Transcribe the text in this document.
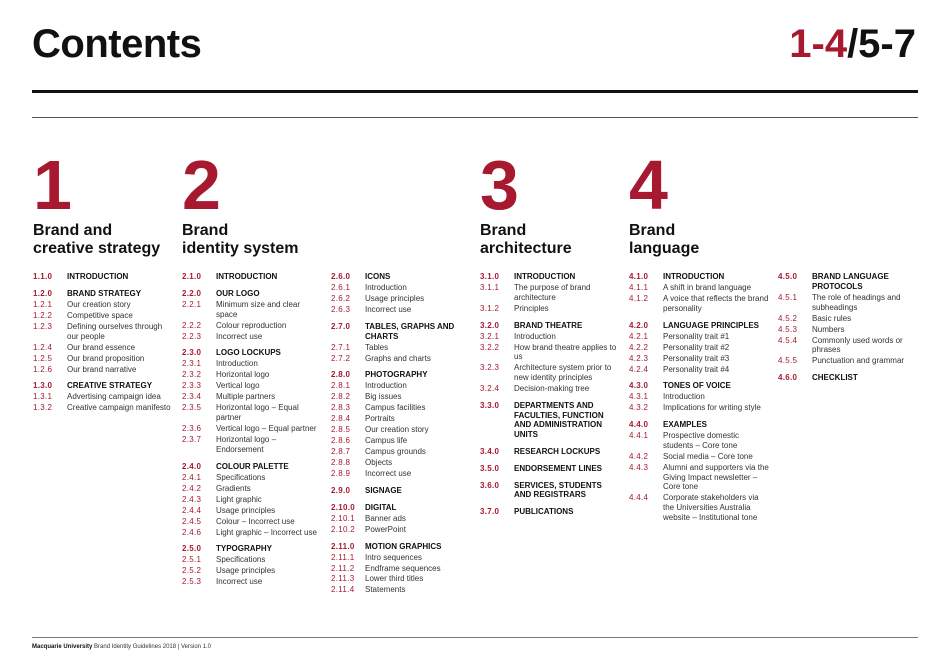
Contents	1-4/5-7
1
Brand and
creative strategy
1.1.0	INTRODUCTION
1.2.0	BRAND STRATEGY
1.2.1	Our creation story
1.2.2	Competitive space
1.2.3	Defining ourselves through our people
1.2.4	Our brand essence
1.2.5	Our brand proposition
1.2.6	Our brand narrative
1.3.0	CREATIVE STRATEGY
1.3.1	Advertising campaign idea
1.3.2	Creative campaign manifesto
2
Brand
identity system
2.1.0	INTRODUCTION
2.2.0	OUR LOGO
2.2.1	Minimum size and clear space
2.2.2	Colour reproduction
2.2.3	Incorrect use
2.3.0	LOGO LOCKUPS
2.3.1	Introduction
2.3.2	Horizontal logo
2.3.3	Vertical logo
2.3.4	Multiple partners
2.3.5	Horizontal logo – Equal partner
2.3.6	Vertical logo – Equal partner
2.3.7	Horizontal logo – Endorsement
2.4.0	COLOUR PALETTE
2.4.1	Specifications
2.4.2	Gradients
2.4.3	Light graphic
2.4.4	Usage principles
2.4.5	Colour – Incorrect use
2.4.6	Light graphic – Incorrect use
2.5.0	TYPOGRAPHY
2.5.1	Specifications
2.5.2	Usage principles
2.5.3	Incorrect use
2.6.0	ICONS
2.6.1	Introduction
2.6.2	Usage principles
2.6.3	Incorrect use
2.7.0	TABLES, GRAPHS AND CHARTS
2.7.1	Tables
2.7.2	Graphs and charts
2.8.0	PHOTOGRAPHY
2.8.1	Introduction
2.8.2	Big issues
2.8.3	Campus facilities
2.8.4	Portraits
2.8.5	Our creation story
2.8.6	Campus life
2.8.7	Campus grounds
2.8.8	Objects
2.8.9	Incorrect use
2.9.0	SIGNAGE
2.10.0	DIGITAL
2.10.1	Banner ads
2.10.2	PowerPoint
2.11.0	MOTION GRAPHICS
2.11.1	Intro sequences
2.11.2	Endframe sequences
2.11.3	Lower third titles
2.11.4	Statements
3
Brand
architecture
3.1.0	INTRODUCTION
3.1.1	The purpose of brand architecture
3.1.2	Principles
3.2.0	BRAND THEATRE
3.2.1	Introduction
3.2.2	How brand theatre applies to us
3.2.3	Architecture system prior to new identity principles
3.2.4	Decision-making tree
3.3.0	DEPARTMENTS AND FACULTIES, FUNCTION AND ADMINISTRATION UNITS
3.4.0	RESEARCH LOCKUPS
3.5.0	ENDORSEMENT LINES
3.6.0	SERVICES, STUDENTS AND REGISTRARS
3.7.0	PUBLICATIONS
4
Brand
language
4.1.0	INTRODUCTION
4.1.1	A shift in brand language
4.1.2	A voice that reflects the brand personality
4.2.0	LANGUAGE PRINCIPLES
4.2.1	Personality trait #1
4.2.2	Personality trait #2
4.2.3	Personality trait #3
4.2.4	Personality trait #4
4.3.0	TONES OF VOICE
4.3.1	Introduction
4.3.2	Implications for writing style
4.4.0	EXAMPLES
4.4.1	Prospective domestic students – Core tone
4.4.2	Social media – Core tone
4.4.3	Alumni and supporters via the Giving Impact newsletter – Core tone
4.4.4	Corporate stakeholders via the Universities Australia website – Institutional tone
4.5.0	BRAND LANGUAGE PROTOCOLS
4.5.1	The role of headings and subheadings
4.5.2	Basic rules
4.5.3	Numbers
4.5.4	Commonly used words or phrases
4.5.5	Punctuation and grammar
4.6.0	CHECKLIST
Macquarie University Brand Identity Guidelines 2018 | Version 1.0
